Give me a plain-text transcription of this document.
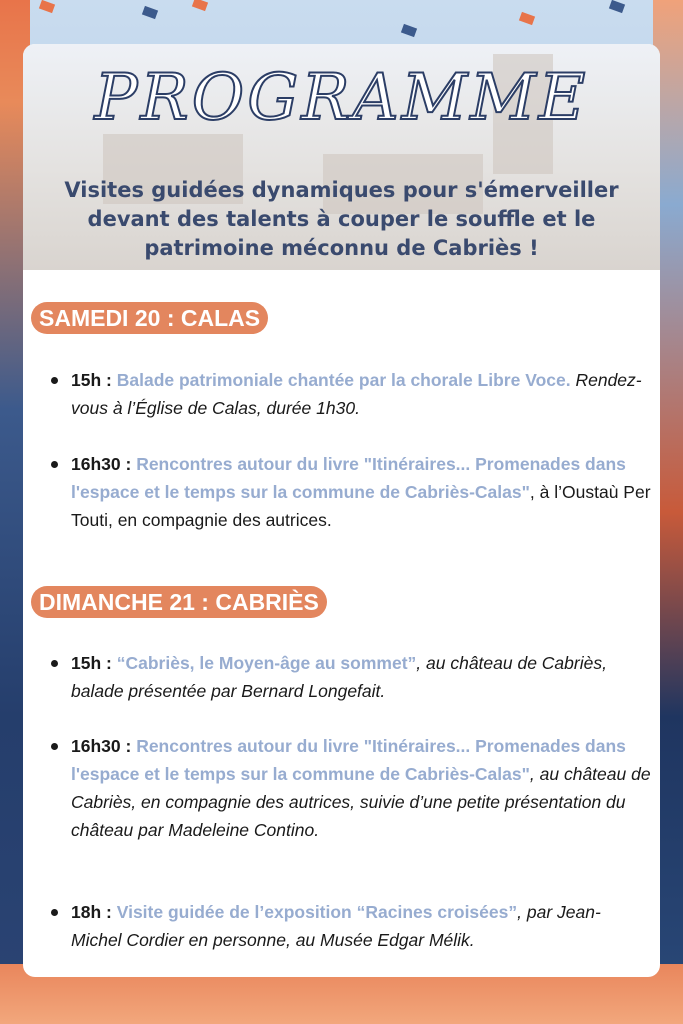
PROGRAMME
Visites guidées dynamiques pour s'émerveiller devant des talents à couper le souffle et le patrimoine méconnu de Cabriès !
SAMEDI 20 : CALAS
15h : Balade patrimoniale chantée par la chorale Libre Voce. Rendez-vous à l’Église de Calas, durée 1h30.
16h30 : Rencontres autour du livre "Itinéraires... Promenades dans l'espace et le temps sur la commune de Cabriès-Calas", à l’Oustaù Per Touti, en compagnie des autrices.
DIMANCHE 21 : CABRIÈS
15h : “Cabriès, le Moyen-âge au sommet”, au château de Cabriès, balade présentée par Bernard Longefait.
16h30 : Rencontres autour du livre "Itinéraires... Promenades dans l'espace et le temps sur la commune de Cabriès-Calas", au château de Cabriès, en compagnie des autrices, suivie d’une petite présentation du château par Madeleine Contino.
18h : Visite guidée de l’exposition “Racines croisées”, par Jean-Michel Cordier en personne, au Musée Edgar Mélik.
